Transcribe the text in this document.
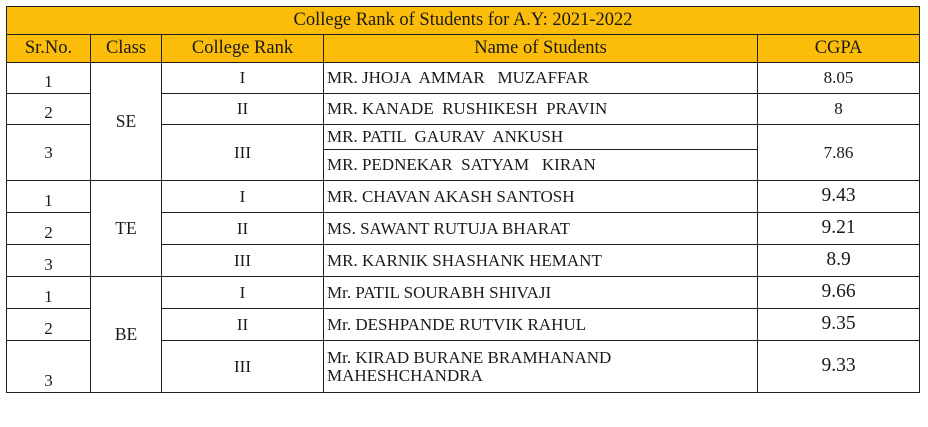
College Rank of Students for A.Y: 2021-2022				
Sr.No.	Class	College Rank	Name of Students	CGPA
1	SE	I	MR. JHOJA  AMMAR   MUZAFFAR	8.05
2		II	MR. KANADE  RUSHIKESH  PRAVIN	8
3		III	MR. PATIL  GAURAV  ANKUSH	7.86
			MR. PEDNEKAR  SATYAM   KIRAN	
1	TE	I	MR. CHAVAN AKASH SANTOSH	9.43
2		II	MS. SAWANT RUTUJA BHARAT	9.21
3		III	MR. KARNIK SHASHANK HEMANT	8.9
1	BE	I	Mr. PATIL SOURABH SHIVAJI	9.66
2		II	Mr. DESHPANDE RUTVIK RAHUL	9.35
3		III	Mr. KIRAD BURANE BRAMHANAND MAHESHCHANDRA	9.33
